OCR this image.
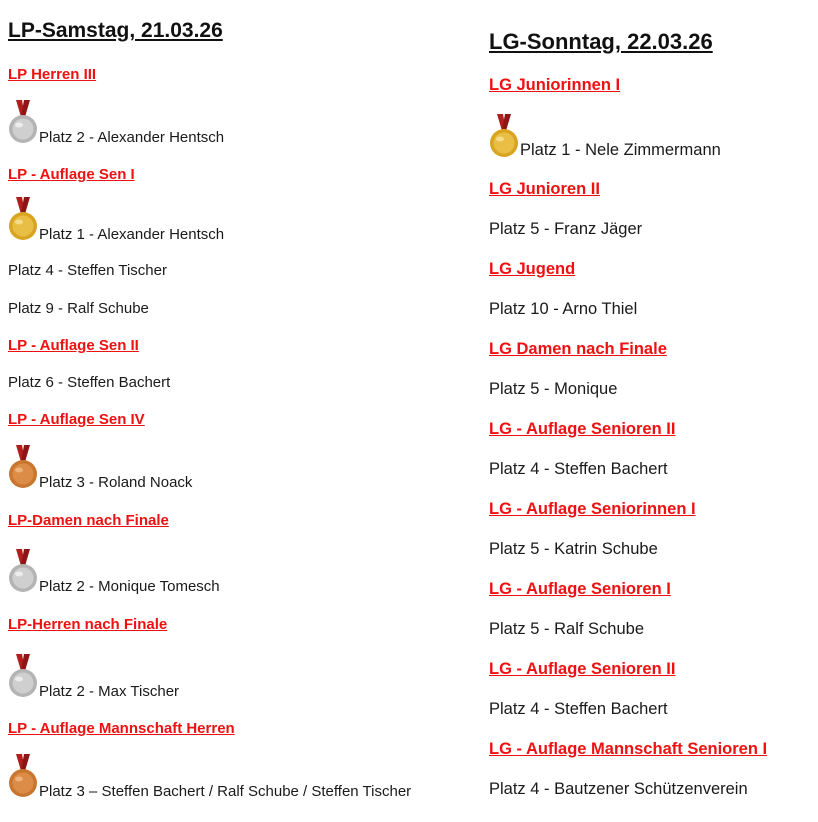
LP-Samstag, 21.03.26
LP Herren III
Platz 2 - Alexander Hentsch
LP - Auflage Sen I
Platz 1 - Alexander Hentsch
Platz 4 - Steffen Tischer
Platz 9 - Ralf Schube
LP - Auflage Sen II
Platz 6 - Steffen Bachert
LP - Auflage Sen IV
Platz 3 - Roland Noack
LP-Damen nach Finale
Platz 2 - Monique Tomesch
LP-Herren nach Finale
Platz 2 - Max Tischer
LP - Auflage Mannschaft Herren
Platz 3 – Steffen Bachert / Ralf Schube / Steffen Tischer
LG-Sonntag, 22.03.26
LG Juniorinnen I
Platz 1 - Nele Zimmermann
LG Junioren II
Platz 5 - Franz Jäger
LG Jugend
Platz 10 - Arno Thiel
LG Damen nach Finale
Platz 5 - Monique
LG - Auflage Senioren II
Platz 4 - Steffen Bachert
LG - Auflage Seniorinnen I
Platz 5 - Katrin Schube
LG - Auflage Senioren I
Platz 5 - Ralf Schube
LG - Auflage Senioren II
Platz 4 - Steffen Bachert
LG - Auflage Mannschaft Senioren I
Platz 4 - Bautzener Schützenverein
